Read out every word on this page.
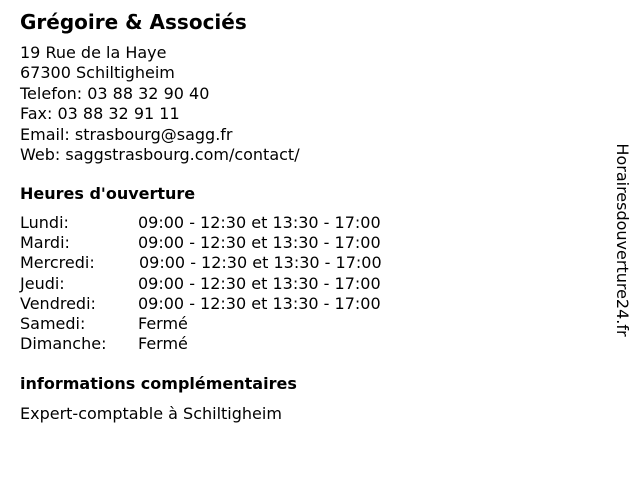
Grégoire & Associés
19 Rue de la Haye
67300 Schiltigheim
Telefon: 03 88 32 90 40
Fax: 03 88 32 91 11
Email: strasbourg@sagg.fr
Web: saggstrasbourg.com/contact/
Heures d'ouverture
Lundi:	09:00 - 12:30 et 13:30 - 17:00
Mardi:	09:00 - 12:30 et 13:30 - 17:00
Mercredi:	09:00 - 12:30 et 13:30 - 17:00
Jeudi:	09:00 - 12:30 et 13:30 - 17:00
Vendredi:	09:00 - 12:30 et 13:30 - 17:00
Samedi:	Fermé
Dimanche: Fermé
informations complémentaires
Expert-comptable à Schiltigheim
Horairesdouverture24.fr
